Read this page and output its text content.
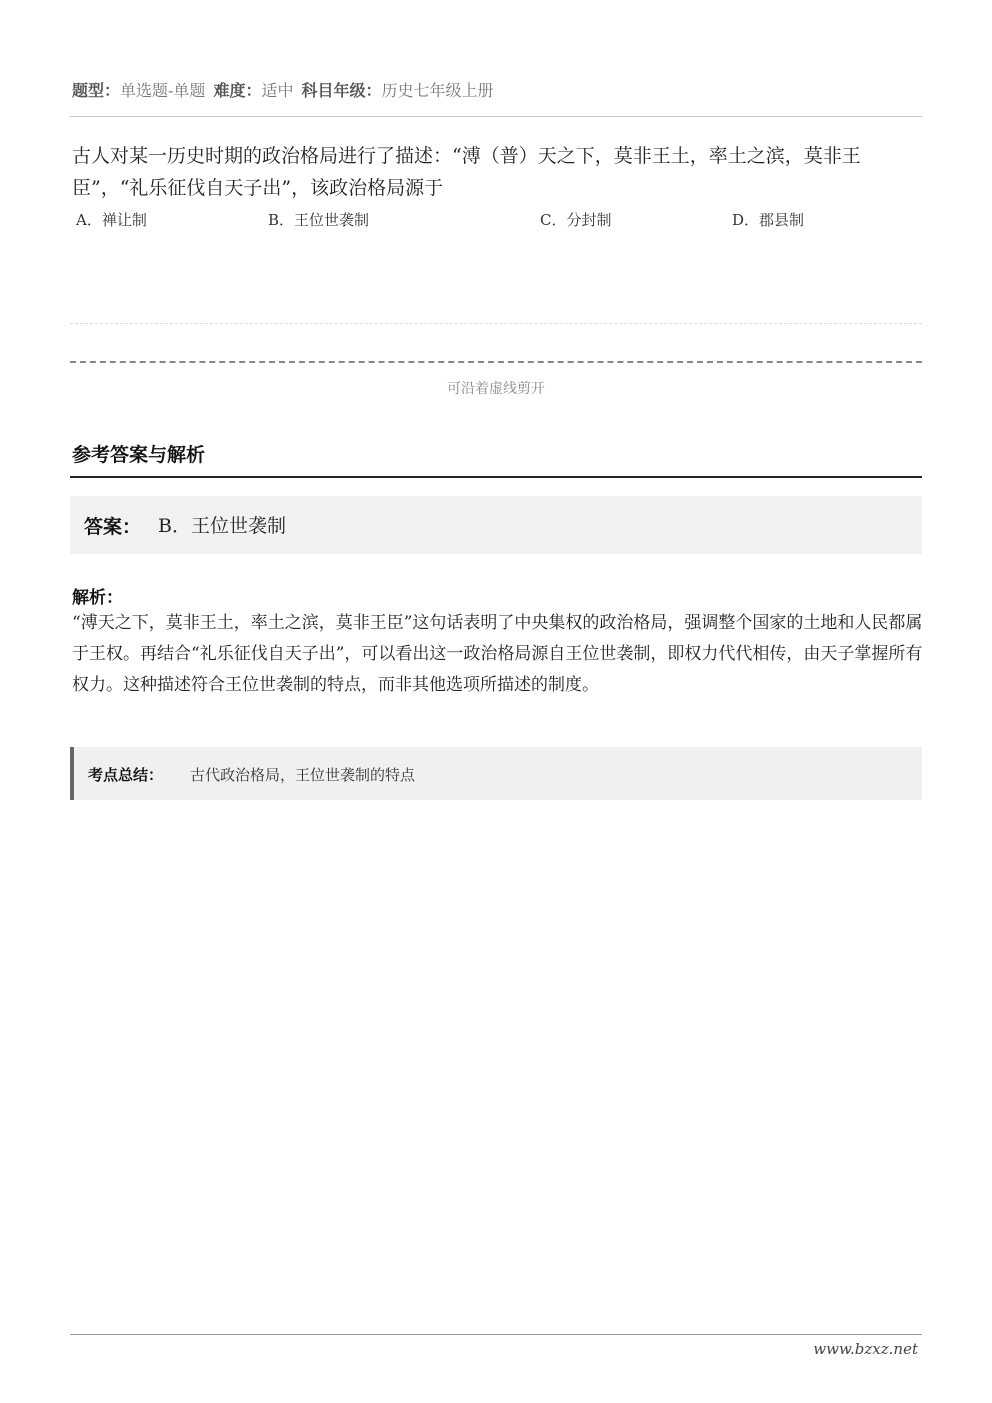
题型：单选题-单题 难度：适中 科目年级：历史七年级上册
古人对某一历史时期的政治格局进行了描述：“溥（普）天之下，莫非王土，率土之滨，莫非王臣”，“礼乐征伐自天子出”，该政治格局源于
A．禅让制	B．王位世袭制	C．分封制	D．郡县制
可沿着虚线剪开
参考答案与解析
答案： B．王位世袭制
解析：
“溥天之下，莫非王土，率土之滨，莫非王臣”这句话表明了中央集权的政治格局，强调整个国家的土地和人民都属于王权。再结合“礼乐征伐自天子出”，可以看出这一政治格局源自王位世袭制，即权力代代相传，由天子掌握所有权力。这种描述符合王位世袭制的特点，而非其他选项所描述的制度。
考点总结： 古代政治格局，王位世袭制的特点
www.bzxz.net
